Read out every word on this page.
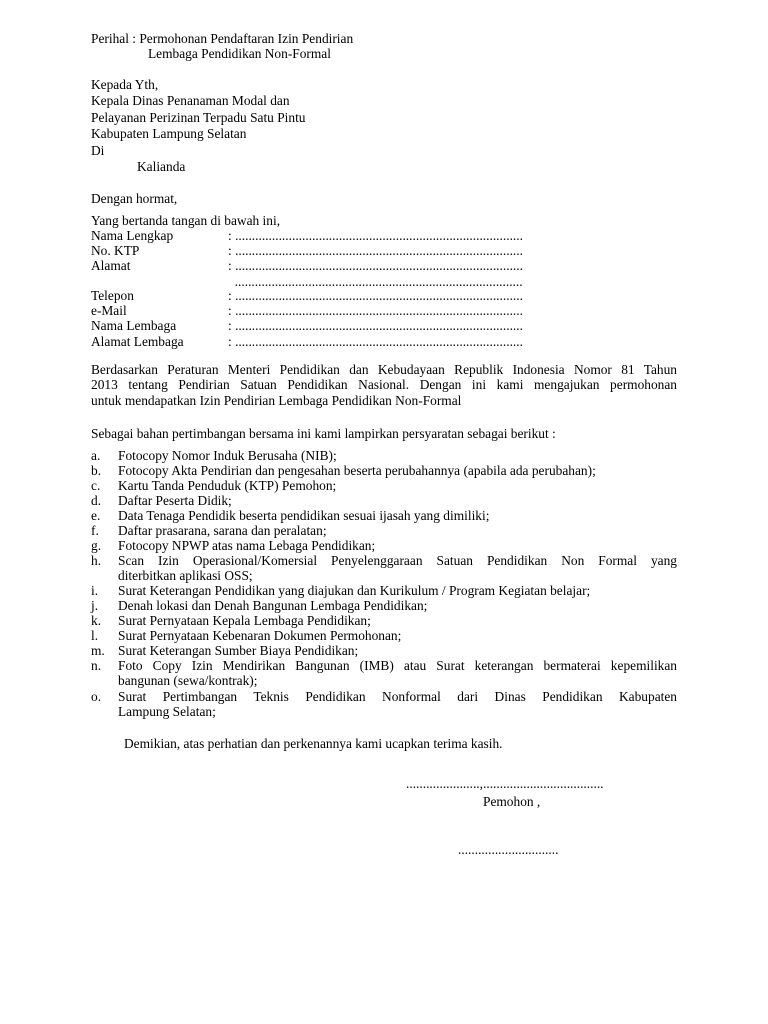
Perihal : Permohonan Pendaftaran Izin Pendirian
Lembaga Pendidikan Non-Formal
Kepada Yth,
Kepala Dinas Penanaman Modal dan
Pelayanan Perizinan Terpadu Satu Pintu
Kabupaten Lampung Selatan
Di
Kalianda
Dengan hormat,
Yang bertanda tangan di bawah ini,
Nama Lengkap	: ......................................................................................
No. KTP	: ......................................................................................
Alamat	: ......................................................................................
......................................................................................
Telepon	: ......................................................................................
e-Mail	: ......................................................................................
Nama Lembaga	: ......................................................................................
Alamat Lembaga	: ......................................................................................
Berdasarkan Peraturan Menteri Pendidikan dan Kebudayaan Republik Indonesia Nomor 81 Tahun
2013 tentang Pendirian Satuan Pendidikan Nasional. Dengan ini kami mengajukan permohonan
untuk mendapatkan Izin Pendirian Lembaga Pendidikan Non-Formal
Sebagai bahan pertimbangan bersama ini kami lampirkan persyaratan sebagai berikut :
a. Fotocopy Nomor Induk Berusaha (NIB);
b. Fotocopy Akta Pendirian dan pengesahan beserta perubahannya (apabila ada perubahan);
c. Kartu Tanda Penduduk (KTP) Pemohon;
d. Daftar Peserta Didik;
e. Data Tenaga Pendidik beserta pendidikan sesuai ijasah yang dimiliki;
f. Daftar prasarana, sarana dan peralatan;
g. Fotocopy NPWP atas nama Lebaga Pendidikan;
h. Scan Izin Operasional/Komersial Penyelenggaraan Satuan Pendidikan Non Formal yang
diterbitkan aplikasi OSS;
i. Surat Keterangan Pendidikan yang diajukan dan Kurikulum / Program Kegiatan belajar;
j. Denah lokasi dan Denah Bangunan Lembaga Pendidikan;
k. Surat Pernyataan Kepala Lembaga Pendidikan;
l. Surat Pernyataan Kebenaran Dokumen Permohonan;
m. Surat Keterangan Sumber Biaya Pendidikan;
n. Foto Copy Izin Mendirikan Bangunan (IMB) atau Surat keterangan bermaterai kepemilikan
bangunan (sewa/kontrak);
o. Surat Pertimbangan Teknis Pendidikan Nonformal dari Dinas Pendidikan Kabupaten
Lampung Selatan;
Demikian, atas perhatian dan perkenannya kami ucapkan terima kasih.
......................,....................................
Pemohon ,
..............................
